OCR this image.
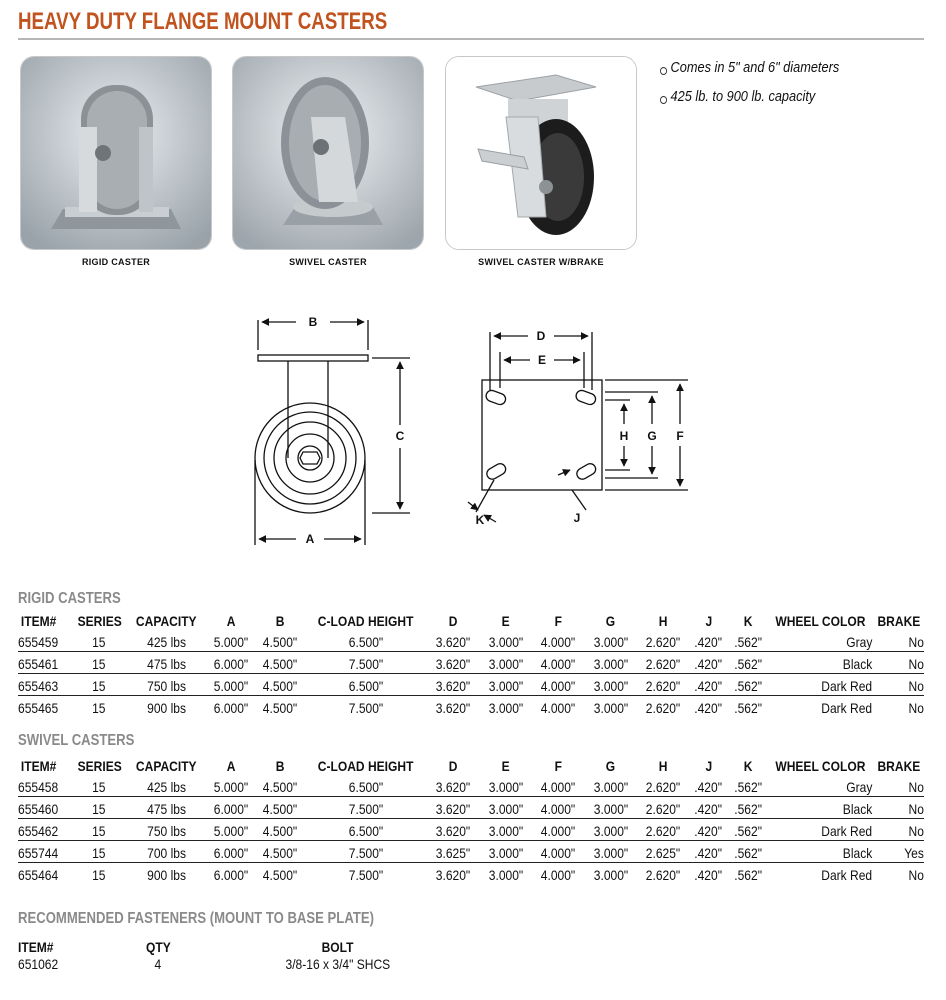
HEAVY DUTY FLANGE MOUNT CASTERS
RIGID CASTER	SWIVEL CASTER	SWIVEL CASTER W/BRAKE
Comes in 5" and 6" diameters
425 lb. to 900 lb. capacity
B
C
A
D
E
F
G
H
J
K
RIGID CASTERS
ITEM#	SERIES	CAPACITY	A	B	C-LOAD HEIGHT	D	E	F	G	H	J	K	WHEEL COLOR	BRAKE
655459	15	425 lbs	5.000"	4.500"	6.500"	3.620"	3.000"	4.000"	3.000"	2.620"	.420"	.562"	Gray	No
655461	15	475 lbs	6.000"	4.500"	7.500"	3.620"	3.000"	4.000"	3.000"	2.620"	.420"	.562"	Black	No
655463	15	750 lbs	5.000"	4.500"	6.500"	3.620"	3.000"	4.000"	3.000"	2.620"	.420"	.562"	Dark Red	No
655465	15	900 lbs	6.000"	4.500"	7.500"	3.620"	3.000"	4.000"	3.000"	2.620"	.420"	.562"	Dark Red	No
SWIVEL CASTERS
ITEM#	SERIES	CAPACITY	A	B	C-LOAD HEIGHT	D	E	F	G	H	J	K	WHEEL COLOR	BRAKE
655458	15	425 lbs	5.000"	4.500"	6.500"	3.620"	3.000"	4.000"	3.000"	2.620"	.420"	.562"	Gray	No
655460	15	475 lbs	6.000"	4.500"	7.500"	3.620"	3.000"	4.000"	3.000"	2.620"	.420"	.562"	Black	No
655462	15	750 lbs	5.000"	4.500"	6.500"	3.620"	3.000"	4.000"	3.000"	2.620"	.420"	.562"	Dark Red	No
655744	15	700 lbs	6.000"	4.500"	7.500"	3.625"	3.000"	4.000"	3.000"	2.625"	.420"	.562"	Black	Yes
655464	15	900 lbs	6.000"	4.500"	7.500"	3.620"	3.000"	4.000"	3.000"	2.620"	.420"	.562"	Dark Red	No
RECOMMENDED FASTENERS (MOUNT TO BASE PLATE)
ITEM#	QTY	BOLT
651062	4	3/8-16 x 3/4" SHCS
